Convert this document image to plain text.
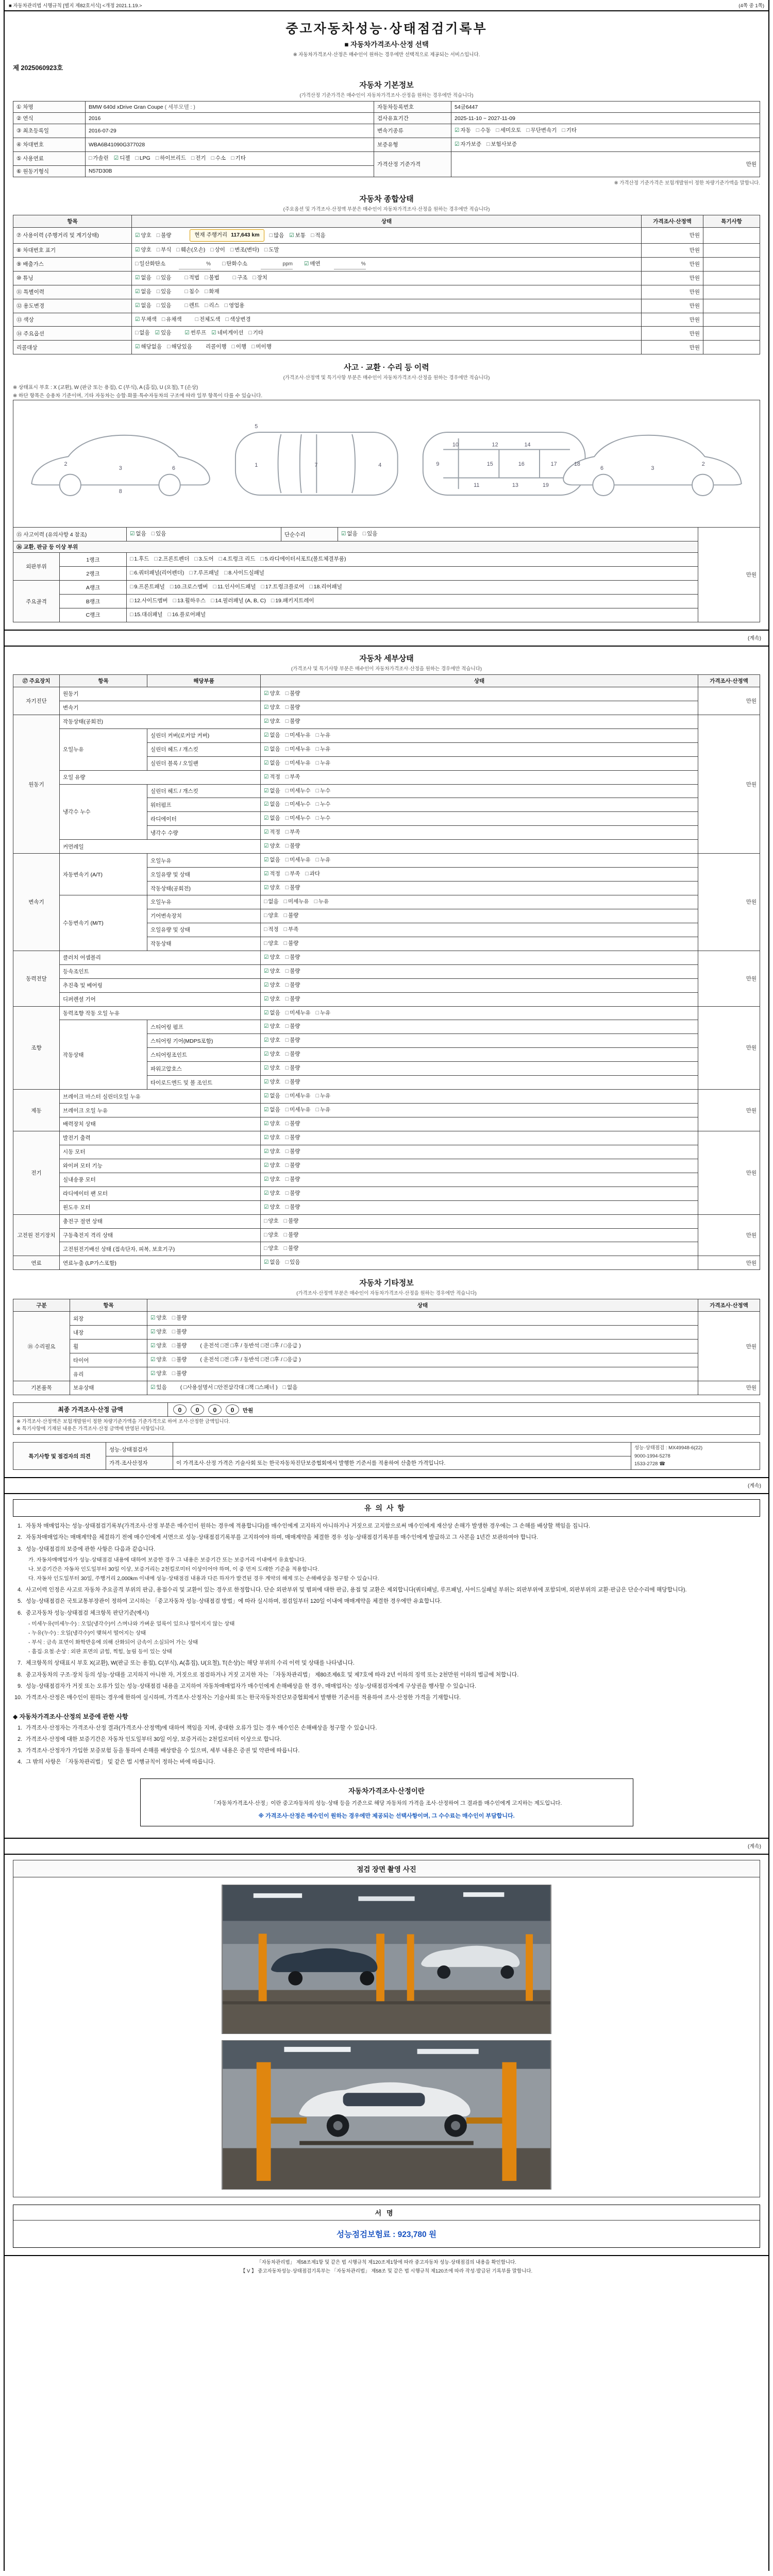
■ 자동차관리법 시행규칙 [별지 제82호서식] <개정 2021.1.19.>	(4쪽 중 1쪽)
중고자동차성능·상태점검기록부
■ 자동차가격조사·산정 선택
※ 자동차가격조사·산정은 매수인이 원하는 경우에만 선택적으로 제공되는 서비스입니다.
제 2025060923호
자동차 기본정보
(가격산정 기준가격은 매수인이 자동차가격조사·산정을 원하는 경우에만 적습니다)
① 차명	BMW 640d xDrive Gran Coupe ( 세부모델 : )	자동차등록번호	54금6447
② 연식	2016	검사유효기간	2025-11-10 ~ 2027-11-09
③ 최초등록일	2016-07-29	변속기종류	☑ 자동 □ 수동 □ 세미오토 □ 무단변속기 □ 기타
④ 차대번호	WBA6B41090G377028	보증유형	☑ 자가보증 □ 보험사보증
⑤ 사용연료	□ 가솔린 ☑ 디젤 □ LPG □ 하이브리드 □ 전기 □ 수소 □ 기타	가격산정 기준가격	만원
⑥ 원동기형식	N57D30B		
※ 가격산정 기준가격은 보험개발원이 정한 차량기준가액을 말합니다.
자동차 종합상태
(주요옵션 및 가격조사·산정액 부분은 매수인이 자동차가격조사·산정을 원하는 경우에만 적습니다)
항목	상태	가격조사·산정액	특기사항
⑦ 사용이력 (주행거리 및 계기상태)	☑ 양호 □ 불량 현재 주행거리 117,643 km □ 많음 ☑ 보통 □ 적음	만원	
⑧ 차대번호 표기	☑ 양호 □ 부식 □ 훼손(오손) □ 상이 □ 변조(변타) □ 도말	만원	
⑨ 배출가스	□ 일산화탄소 % □ 탄화수소 ppm ☑ 매연 %	만원	
⑩ 튜닝	☑ 없음 □ 있음 □ 적법 □ 불법 □ 구조 □ 장치	만원	
⑪ 특별이력	☑ 없음 □ 있음 □ 침수 □ 화재	만원	
⑫ 용도변경	☑ 없음 □ 있음 □ 렌트 □ 리스 □ 영업용	만원	
⑬ 색상	☑ 무채색 □ 유채색 □ 전체도색 □ 색상변경	만원	
⑭ 주요옵션	□ 없음 ☑ 있음 ☑ 썬루프 ☑ 네비게이션 □ 기타	만원	
리콜대상	☑ 해당없음 □ 해당있음 리콜이행 □ 이행 □ 미이행	만원	
사고 · 교환 · 수리 등 이력
(가격조사·산정액 및 특기사항 부분은 매수인이 자동차가격조사·산정을 원하는 경우에만 적습니다)
※ 상태표시 부호 : X (교환), W (판금 또는 용접), C (부식), A (흠집), U (요철), T (손상)
※ 하단 항목은 승용차 기준이며, 기타 자동차는 승합·화물·특수자동차의 구조에 따라 일부 항목이 다를 수 있습니다.
2
3	6
8
1	7	4
5
9
10
11
12
13
14
15	16	17	18
19
2
3
6
⑮ 사고이력 (유의사항 4 참조)		☑ 없음 □ 있음	단순수리	☑ 없음 □ 있음	만원
⑯ 교환, 판금 등 이상 부위					
외판부위	1랭크	□ 1.후드 □ 2.프론트펜더 □ 3.도어 □ 4.트렁크 리드 □ 5.라디에이터서포트(볼트체결부품)			
	2랭크	□ 6.쿼터패널(리어펜더) □ 7.루프패널 □ 8.사이드실패널			
주요골격	A랭크	□ 9.프론트패널 □ 10.크로스멤버 □ 11.인사이드패널 □ 17.트렁크플로어 □ 18.리어패널			
	B랭크	□ 12.사이드멤버 □ 13.휠하우스 □ 14.필러패널 (A, B, C) □ 19.패키지트레이			
	C랭크	□ 15.대쉬패널 □ 16.플로어패널			
(계속)
자동차 세부상태
(가격조사 및 특기사항 부분은 매수인이 자동차가격조사·산정을 원하는 경우에만 적습니다)
⑰ 주요장치	항목	해당부품	상태	가격조사·산정액
자기진단	원동기		☑ 양호 □ 불량	만원
	변속기		☑ 양호 □ 불량	
원동기	작동상태(공회전)		☑ 양호 □ 불량	만원
	오일누유	실린더 커버(로커암 커버)	☑ 없음 □ 미세누유 □ 누유	
		실린더 헤드 / 개스킷	☑ 없음 □ 미세누유 □ 누유	
		실린더 블록 / 오일팬	☑ 없음 □ 미세누유 □ 누유	
	오일 유량		☑ 적정 □ 부족	
	냉각수 누수	실린더 헤드 / 개스킷	☑ 없음 □ 미세누수 □ 누수	
		워터펌프	☑ 없음 □ 미세누수 □ 누수	
		라디에이터	☑ 없음 □ 미세누수 □ 누수	
		냉각수 수량	☑ 적정 □ 부족	
	커먼레일		☑ 양호 □ 불량	
변속기	자동변속기 (A/T)	오일누유	☑ 없음 □ 미세누유 □ 누유	만원
		오일유량 및 상태	☑ 적정 □ 부족 □ 과다	
		작동상태(공회전)	☑ 양호 □ 불량	
	수동변속기 (M/T)	오일누유	□ 없음 □ 미세누유 □ 누유	
		기어변속장치	□ 양호 □ 불량	
		오일유량 및 상태	□ 적정 □ 부족	
		작동상태	□ 양호 □ 불량	
동력전달	클러치 어셈블리		☑ 양호 □ 불량	만원
	등속조인트		☑ 양호 □ 불량	
	추진축 및 베어링		☑ 양호 □ 불량	
	디퍼렌셜 기어		☑ 양호 □ 불량	
조향	동력조향 작동 오일 누유		☑ 없음 □ 미세누유 □ 누유	만원
	작동상태	스티어링 펌프	☑ 양호 □ 불량	
		스티어링 기어(MDPS포함)	☑ 양호 □ 불량	
		스티어링조인트	☑ 양호 □ 불량	
		파워고압호스	☑ 양호 □ 불량	
		타이로드엔드 및 볼 조인트	☑ 양호 □ 불량	
제동	브레이크 마스터 실린더오일 누유		☑ 없음 □ 미세누유 □ 누유	만원
	브레이크 오일 누유		☑ 없음 □ 미세누유 □ 누유	
	배력장치 상태		☑ 양호 □ 불량	
전기	발전기 출력		☑ 양호 □ 불량	만원
	시동 모터		☑ 양호 □ 불량	
	와이퍼 모터 기능		☑ 양호 □ 불량	
	실내송풍 모터		☑ 양호 □ 불량	
	라디에이터 팬 모터		☑ 양호 □ 불량	
	윈도우 모터		☑ 양호 □ 불량	
고전원 전기장치	충전구 절연 상태		□ 양호 □ 불량	만원
	구동축전지 격리 상태		□ 양호 □ 불량	
	고전원전기배선 상태 (접속단자, 피복, 보호기구)		□ 양호 □ 불량	
연료	연료누출 (LP가스포함)		☑ 없음 □ 있음	만원
자동차 기타정보
(가격조사·산정액 부분은 매수인이 자동차가격조사·산정을 원하는 경우에만 적습니다)
구분	항목	상태	가격조사·산정액
⑱ 수리필요	외장	☑ 양호 □ 불량	만원
	내장	☑ 양호 □ 불량	
	휠	☑ 양호 □ 불량 ( 운전석 □전 □후 / 동반석 □전 □후 / □응급 )	
	타이어	☑ 양호 □ 불량 ( 운전석 □전 □후 / 동반석 □전 □후 / □응급 )	
	유리	☑ 양호 □ 불량	
기본품목	보유상태	☑ 있음 ( □사용설명서 □안전삼각대 □잭 □스패너 ) □ 없음	만원
최종 가격조사·산정 금액	0 0 0 0 만원

※ 가격조사·산정액은 보험개발원이 정한 차량기준가액을 기준가격으로 하여 조사·산정한 금액입니다.
※ 특기사항에 기재된 내용은 가격조사·산정 금액에 반영된 사항입니다.
특기사항 및 점검자의 의견	성능·상태점검자		성능·상태점검 : MX49948-6(22)
9000-1994-5278
1533-2728 ☎

	가격·조사산정자	이 가격조사·산정 가격은 기술사회 또는 한국자동차진단보증협회에서 발행한 기준서를 적용하여 산출한 가격입니다.	
(계속)
유의사항
1. 자동차 매매업자는 성능·상태점검기록부(가격조사·산정 부분은 매수인이 원하는 경우에 적용합니다)를 매수인에게 고지하지 아니하거나 거짓으로 고지함으로써 매수인에게 재산상 손해가 발생한 경우에는 그 손해를 배상할 책임을 집니다.
2. 자동차매매업자는 매매계약을 체결하기 전에 매수인에게 서면으로 성능·상태점검기록부를 고지하여야 하며, 매매계약을 체결한 경우 성능·상태점검기록부를 매수인에게 발급하고 그 사본을 1년간 보관하여야 합니다.
3. 성능·상태점검의 보증에 관한 사항은 다음과 같습니다.
가. 자동차매매업자가 성능·상태점검 내용에 대하여 보증한 경우 그 내용은 보증기간 또는 보증거리 이내에서 유효합니다.
나. 보증기간은 자동차 인도일부터 30일 이상, 보증거리는 2천킬로미터 이상이어야 하며, 이 중 먼저 도래한 기준을 적용합니다.
다. 자동차 인도일부터 30일, 주행거리 2,000km 이내에 성능·상태점검 내용과 다른 하자가 발견된 경우 계약의 해제 또는 손해배상을 청구할 수 있습니다.
4. 사고이력 인정은 사고로 자동차 주요골격 부위의 판금, 용접수리 및 교환이 있는 경우로 한정합니다. 단순 외판부위 및 범퍼에 대한 판금, 용접 및 교환은 제외합니다(쿼터패널, 루프패널, 사이드실패널 부위는 외판부위에 포함되며, 외판부위의 교환·판금은 단순수리에 해당합니다).
5. 성능·상태점검은 국토교통부장관이 정하여 고시하는 「중고자동차 성능·상태점검 방법」에 따라 실시하며, 점검일부터 120일 이내에 매매계약을 체결한 경우에만 유효합니다.
6. 중고자동차 성능·상태점검 체크항목 판단기준(예시)
- 미세누유(미세누수) : 오일(냉각수)이 스며나와 가벼운 얼룩이 있으나 떨어지지 않는 상태
- 누유(누수) : 오일(냉각수)이 맺혀서 떨어지는 상태
- 부식 : 금속 표면이 화학반응에 의해 산화되어 금속이 소실되어 가는 상태
- 흠집·요철·손상 : 외판 표면의 긁힘, 찍힘, 눌림 등이 있는 상태
7. 체크항목의 상태표시 부호 X(교환), W(판금 또는 용접), C(부식), A(흠집), U(요철), T(손상)는 해당 부위의 수리 이력 및 상태를 나타냅니다.
8. 중고자동차의 구조·장치 등의 성능·상태를 고지하지 아니한 자, 거짓으로 점검하거나 거짓 고지한 자는 「자동차관리법」 제80조제6호 및 제7호에 따라 2년 이하의 징역 또는 2천만원 이하의 벌금에 처합니다.
9. 성능·상태점검자가 거짓 또는 오류가 있는 성능·상태점검 내용을 고지하여 자동차매매업자가 매수인에게 손해배상을 한 경우, 매매업자는 성능·상태점검자에게 구상권을 행사할 수 있습니다.
10. 가격조사·산정은 매수인이 원하는 경우에 한하여 실시하며, 가격조사·산정자는 기술사회 또는 한국자동차진단보증협회에서 발행한 기준서를 적용하여 조사·산정한 가격을 기재합니다.
◆ 자동차가격조사·산정의 보증에 관한 사항
1. 가격조사·산정자는 가격조사·산정 결과(가격조사·산정액)에 대하여 책임을 지며, 중대한 오류가 있는 경우 매수인은 손해배상을 청구할 수 있습니다.
2. 가격조사·산정에 대한 보증기간은 자동차 인도일부터 30일 이상, 보증거리는 2천킬로미터 이상으로 합니다.
3. 가격조사·산정자가 가입한 보증보험 등을 통하여 손해를 배상받을 수 있으며, 세부 내용은 증권 및 약관에 따릅니다.
4. 그 밖의 사항은 「자동차관리법」 및 같은 법 시행규칙이 정하는 바에 따릅니다.
자동차가격조사·산정이란
「자동차가격조사·산정」이란 중고자동차의 성능·상태 등을 기준으로 해당 자동차의 가격을 조사·산정하여 그 결과를 매수인에게 고지하는 제도입니다.
※ 가격조사·산정은 매수인이 원하는 경우에만 제공되는 선택사항이며, 그 수수료는 매수인이 부담합니다.
(계속)
점검 장면 촬영 사진
서명
성능점검보험료 : 923,780 원
「자동차관리법」 제58조제1항 및 같은 법 시행규칙 제120조제1항에 따라 중고자동차 성능·상태점검의 내용을 확인합니다.
【 V 】 중고자동차성능·상태점검기록부는 「자동차관리법」 제58조 및 같은 법 시행규칙 제120조에 따라 작성·발급된 기록부를 말합니다.
